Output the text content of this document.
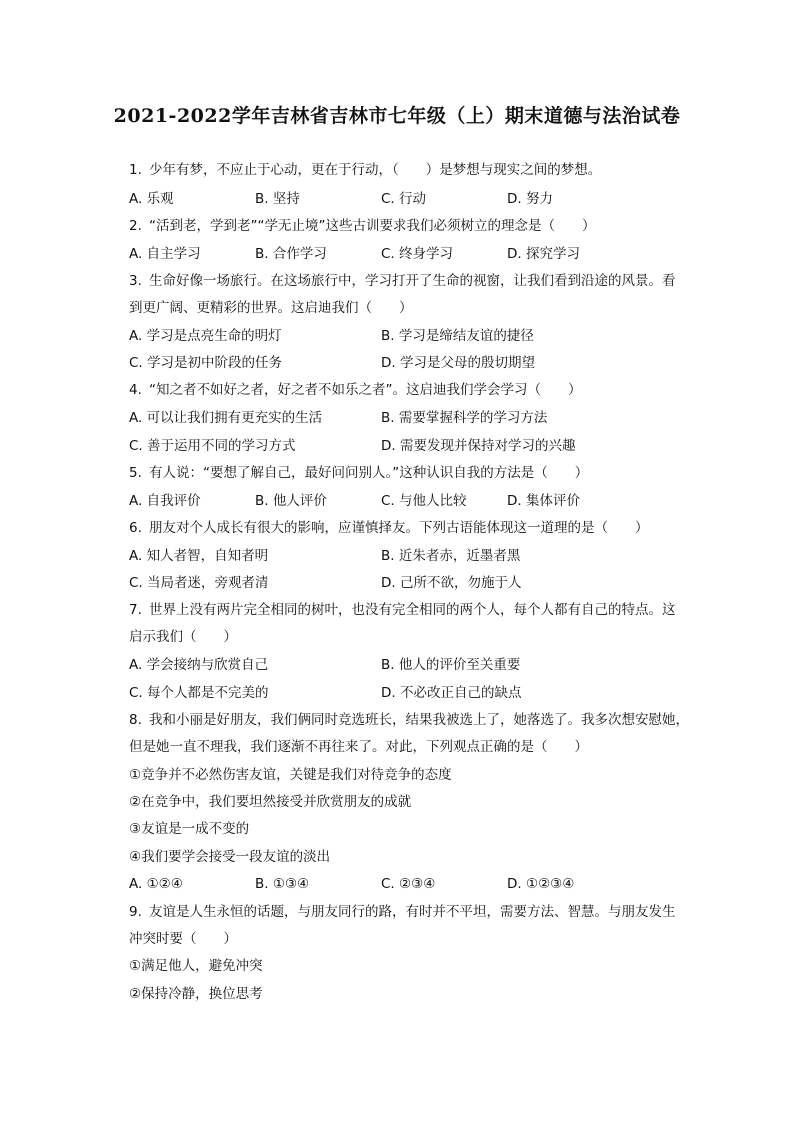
2021-2022学年吉林省吉林市七年级（上）期末道德与法治试卷
1. 少年有梦，不应止于心动，更在于行动，（　　）是梦想与现实之间的梦想。
A. 乐观	B. 坚持	C. 行动	D. 努力
2. “活到老，学到老”“学无止境”这些古训要求我们必须树立的理念是（　　）
A. 自主学习	B. 合作学习	C. 终身学习	D. 探究学习
3. 生命好像一场旅行。在这场旅行中，学习打开了生命的视窗，让我们看到沿途的风景。看
到更广阔、更精彩的世界。这启迪我们（　　）
A. 学习是点亮生命的明灯	B. 学习是缔结友谊的捷径
C. 学习是初中阶段的任务	D. 学习是父母的殷切期望
4. “知之者不如好之者，好之者不如乐之者”。这启迪我们学会学习（　　）
A. 可以让我们拥有更充实的生活	B. 需要掌握科学的学习方法
C. 善于运用不同的学习方式	D. 需要发现并保持对学习的兴趣
5. 有人说：“要想了解自己，最好问问别人。”这种认识自我的方法是（　　）
A. 自我评价	B. 他人评价	C. 与他人比较	D. 集体评价
6. 朋友对个人成长有很大的影响，应谨慎择友。下列古语能体现这一道理的是（　　）
A. 知人者智，自知者明	B. 近朱者赤，近墨者黑
C. 当局者迷，旁观者清	D. 己所不欲，勿施于人
7. 世界上没有两片完全相同的树叶，也没有完全相同的两个人，每个人都有自己的特点。这
启示我们（　　）
A. 学会接纳与欣赏自己	B. 他人的评价至关重要
C. 每个人都是不完美的	D. 不必改正自己的缺点
8. 我和小丽是好朋友，我们俩同时竞选班长，结果我被选上了，她落选了。我多次想安慰她，
但是她一直不理我，我们逐渐不再往来了。对此，下列观点正确的是（　　）
①竞争并不必然伤害友谊，关键是我们对待竞争的态度
②在竞争中，我们要坦然接受并欣赏朋友的成就
③友谊是一成不变的
④我们要学会接受一段友谊的淡出
A. ①②④	B. ①③④	C. ②③④	D. ①②③④
9. 友谊是人生永恒的话题，与朋友同行的路，有时并不平坦，需要方法、智慧。与朋友发生
冲突时要（　　）
①满足他人，避免冲突
②保持冷静，换位思考
